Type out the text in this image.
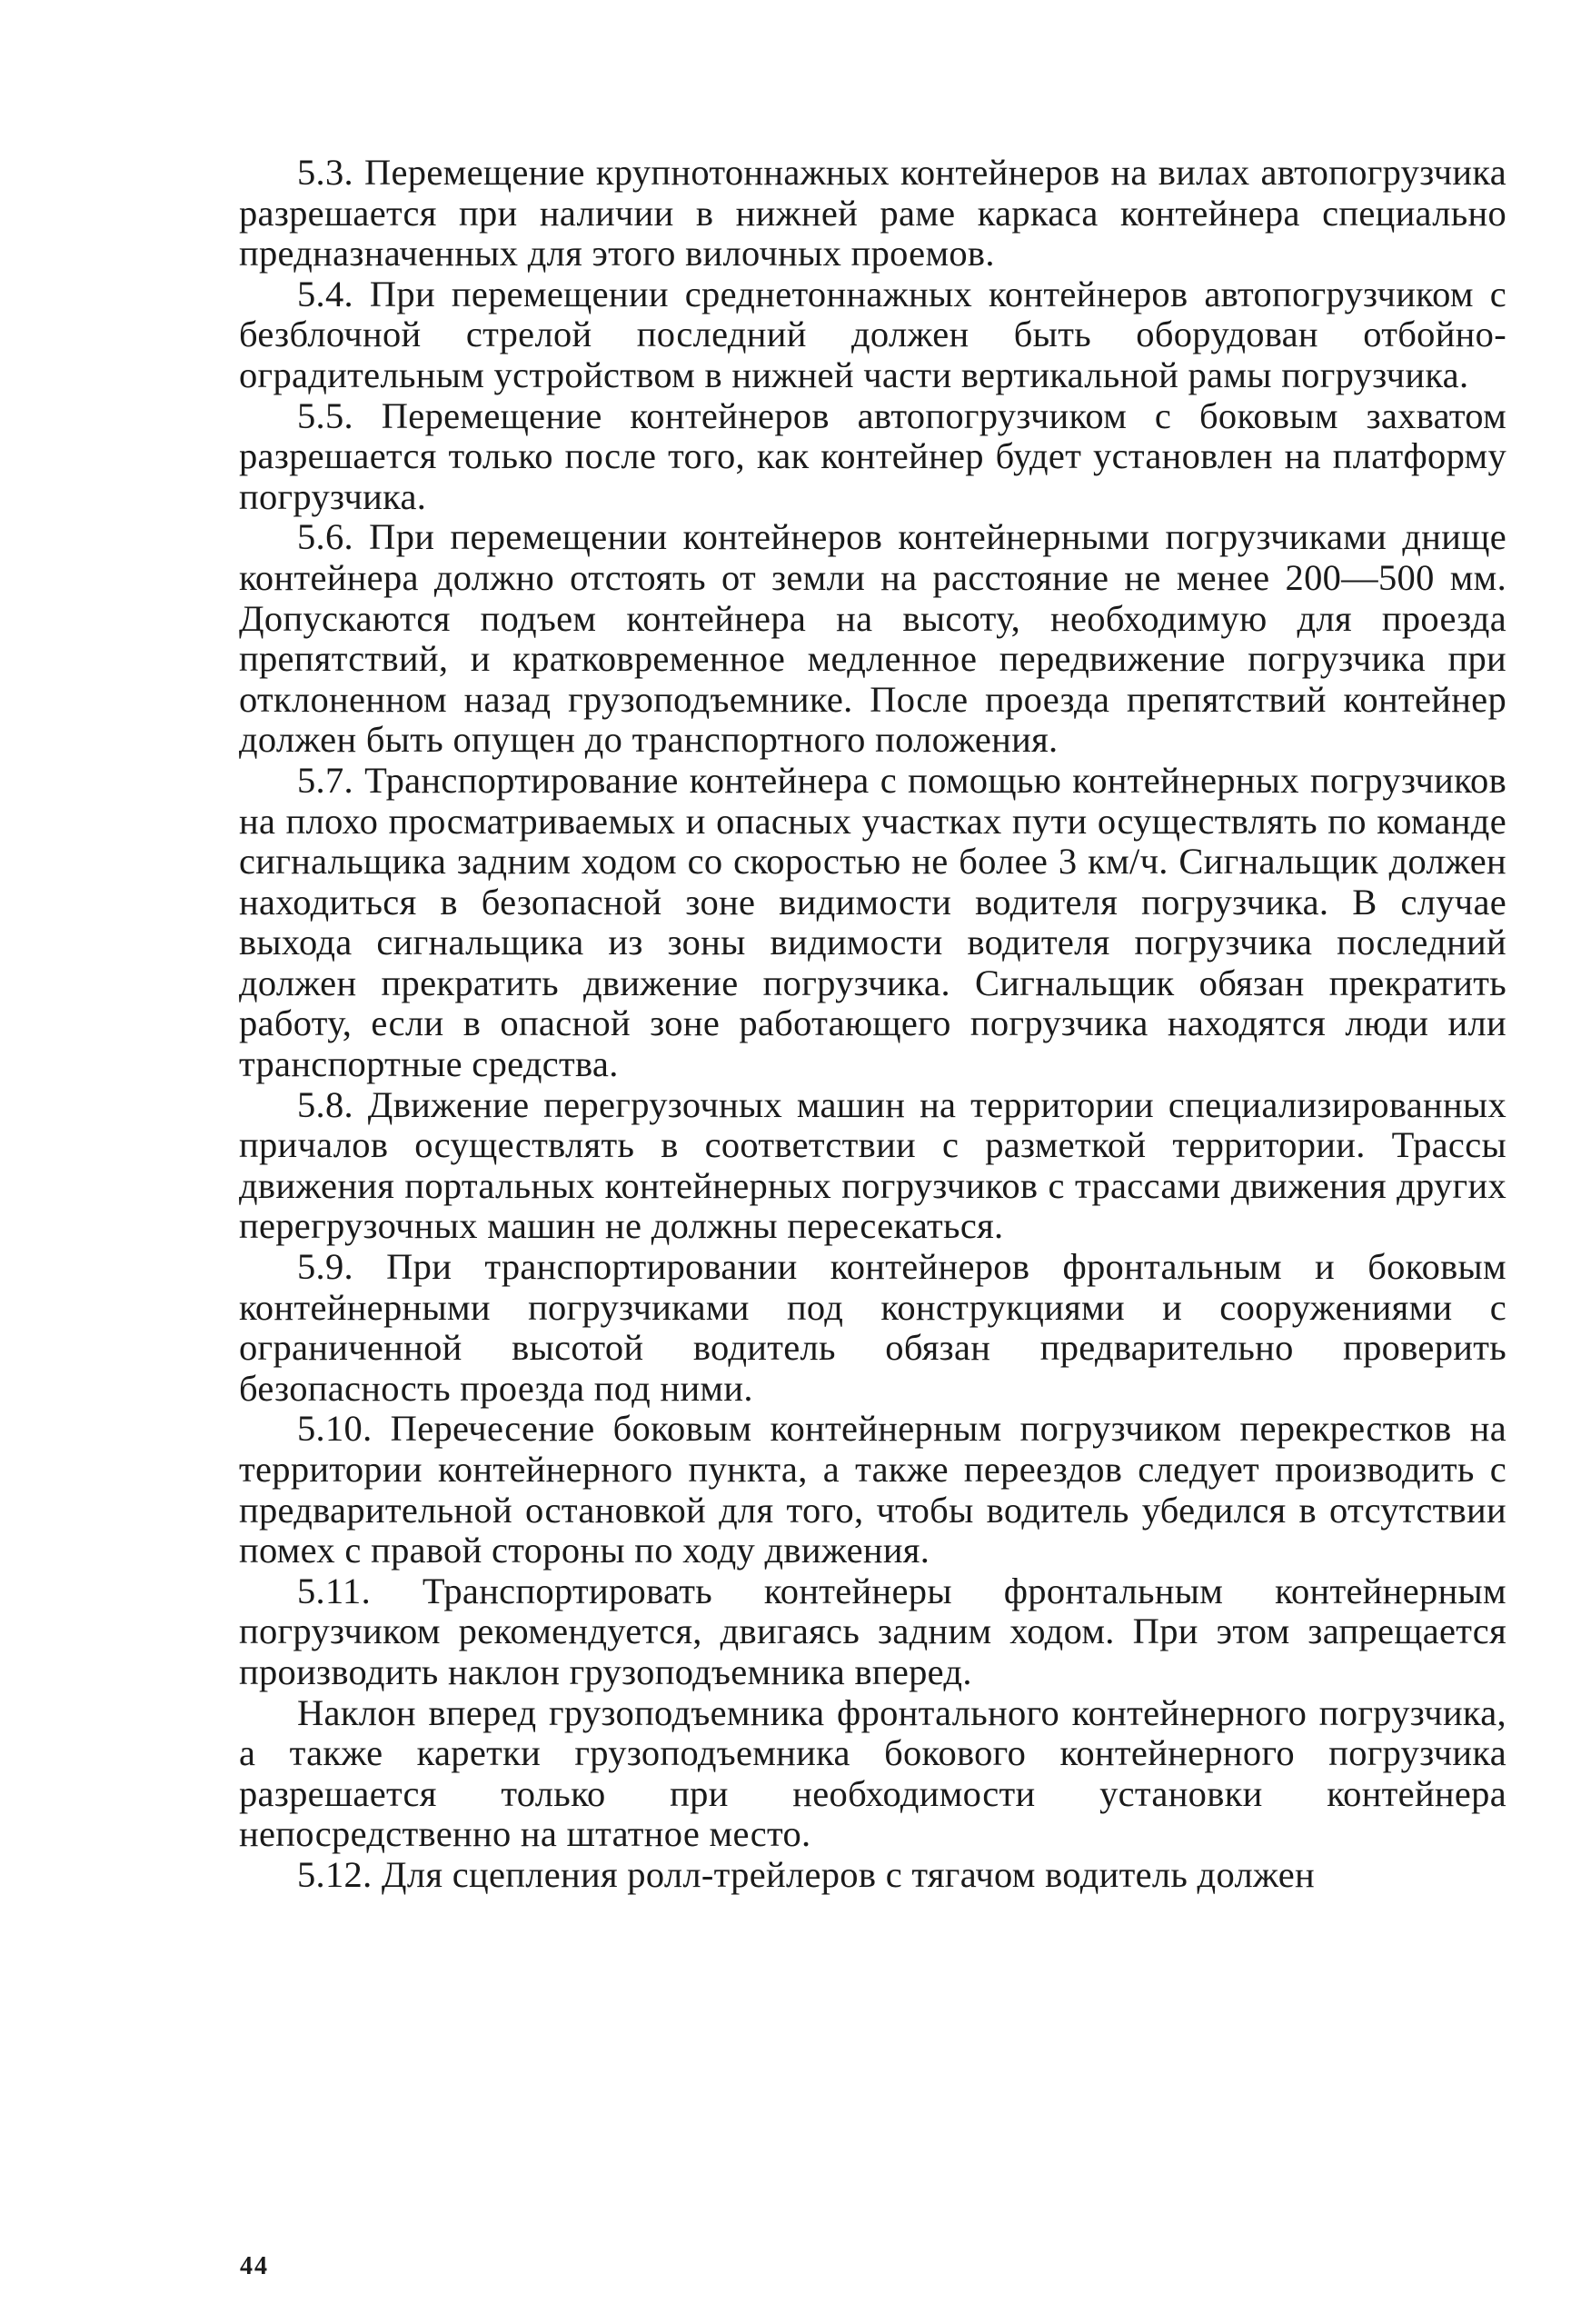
5.3. Перемещение крупнотоннажных контейнеров на вилах автопогрузчика разрешается при наличии в нижней раме каркаса контейнера специально предназначенных для этого вилочных проемов.

5.4. При перемещении среднетоннажных контейнеров автопогрузчиком с безблочной стрелой последний должен быть оборудован отбойно-оградительным устройством в нижней части вертикальной рамы погрузчика.

5.5. Перемещение контейнеров автопогрузчиком с боковым захватом разрешается только после того, как контейнер будет установлен на платформу погрузчика.

5.6. При перемещении контейнеров контейнерными погрузчиками днище контейнера должно отстоять от земли на расстояние не менее 200—500 мм. Допускаются подъем контейнера на высоту, необходимую для проезда препятствий, и кратковременное медленное передвижение погрузчика при отклоненном назад грузоподъемнике. После проезда препятствий контейнер должен быть опущен до транспортного положения.

5.7. Транспортирование контейнера с помощью контейнерных погрузчиков на плохо просматриваемых и опасных участках пути осуществлять по команде сигнальщика задним ходом со скоростью не более 3 км/ч. Сигнальщик должен находиться в безопасной зоне видимости водителя погрузчика. В случае выхода сигнальщика из зоны видимости водителя погрузчика последний должен прекратить движение погрузчика. Сигнальщик обязан прекратить работу, если в опасной зоне работающего погрузчика находятся люди или транспортные средства.

5.8. Движение перегрузочных машин на территории специализированных причалов осуществлять в соответствии с разметкой территории. Трассы движения портальных контейнерных погрузчиков с трассами движения других перегрузочных машин не должны пересекаться.

5.9. При транспортировании контейнеров фронтальным и боковым контейнерными погрузчиками под конструкциями и сооружениями с ограниченной высотой водитель обязан предварительно проверить безопасность проезда под ними.

5.10. Перечесение боковым контейнерным погрузчиком перекрестков на территории контейнерного пункта, а также переездов следует производить с предварительной остановкой для того, чтобы водитель убедился в отсутствии помех с правой стороны по ходу движения.

5.11. Транспортировать контейнеры фронтальным контейнерным погрузчиком рекомендуется, двигаясь задним ходом. При этом запрещается производить наклон грузоподъемника вперед.

Наклон вперед грузоподъемника фронтального контейнерного погрузчика, а также каретки грузоподъемника бокового контейнерного погрузчика разрешается только при необходимости установки контейнера непосредственно на штатное место.

5.12. Для сцепления ролл-трейлеров с тягачом водитель должен

44
